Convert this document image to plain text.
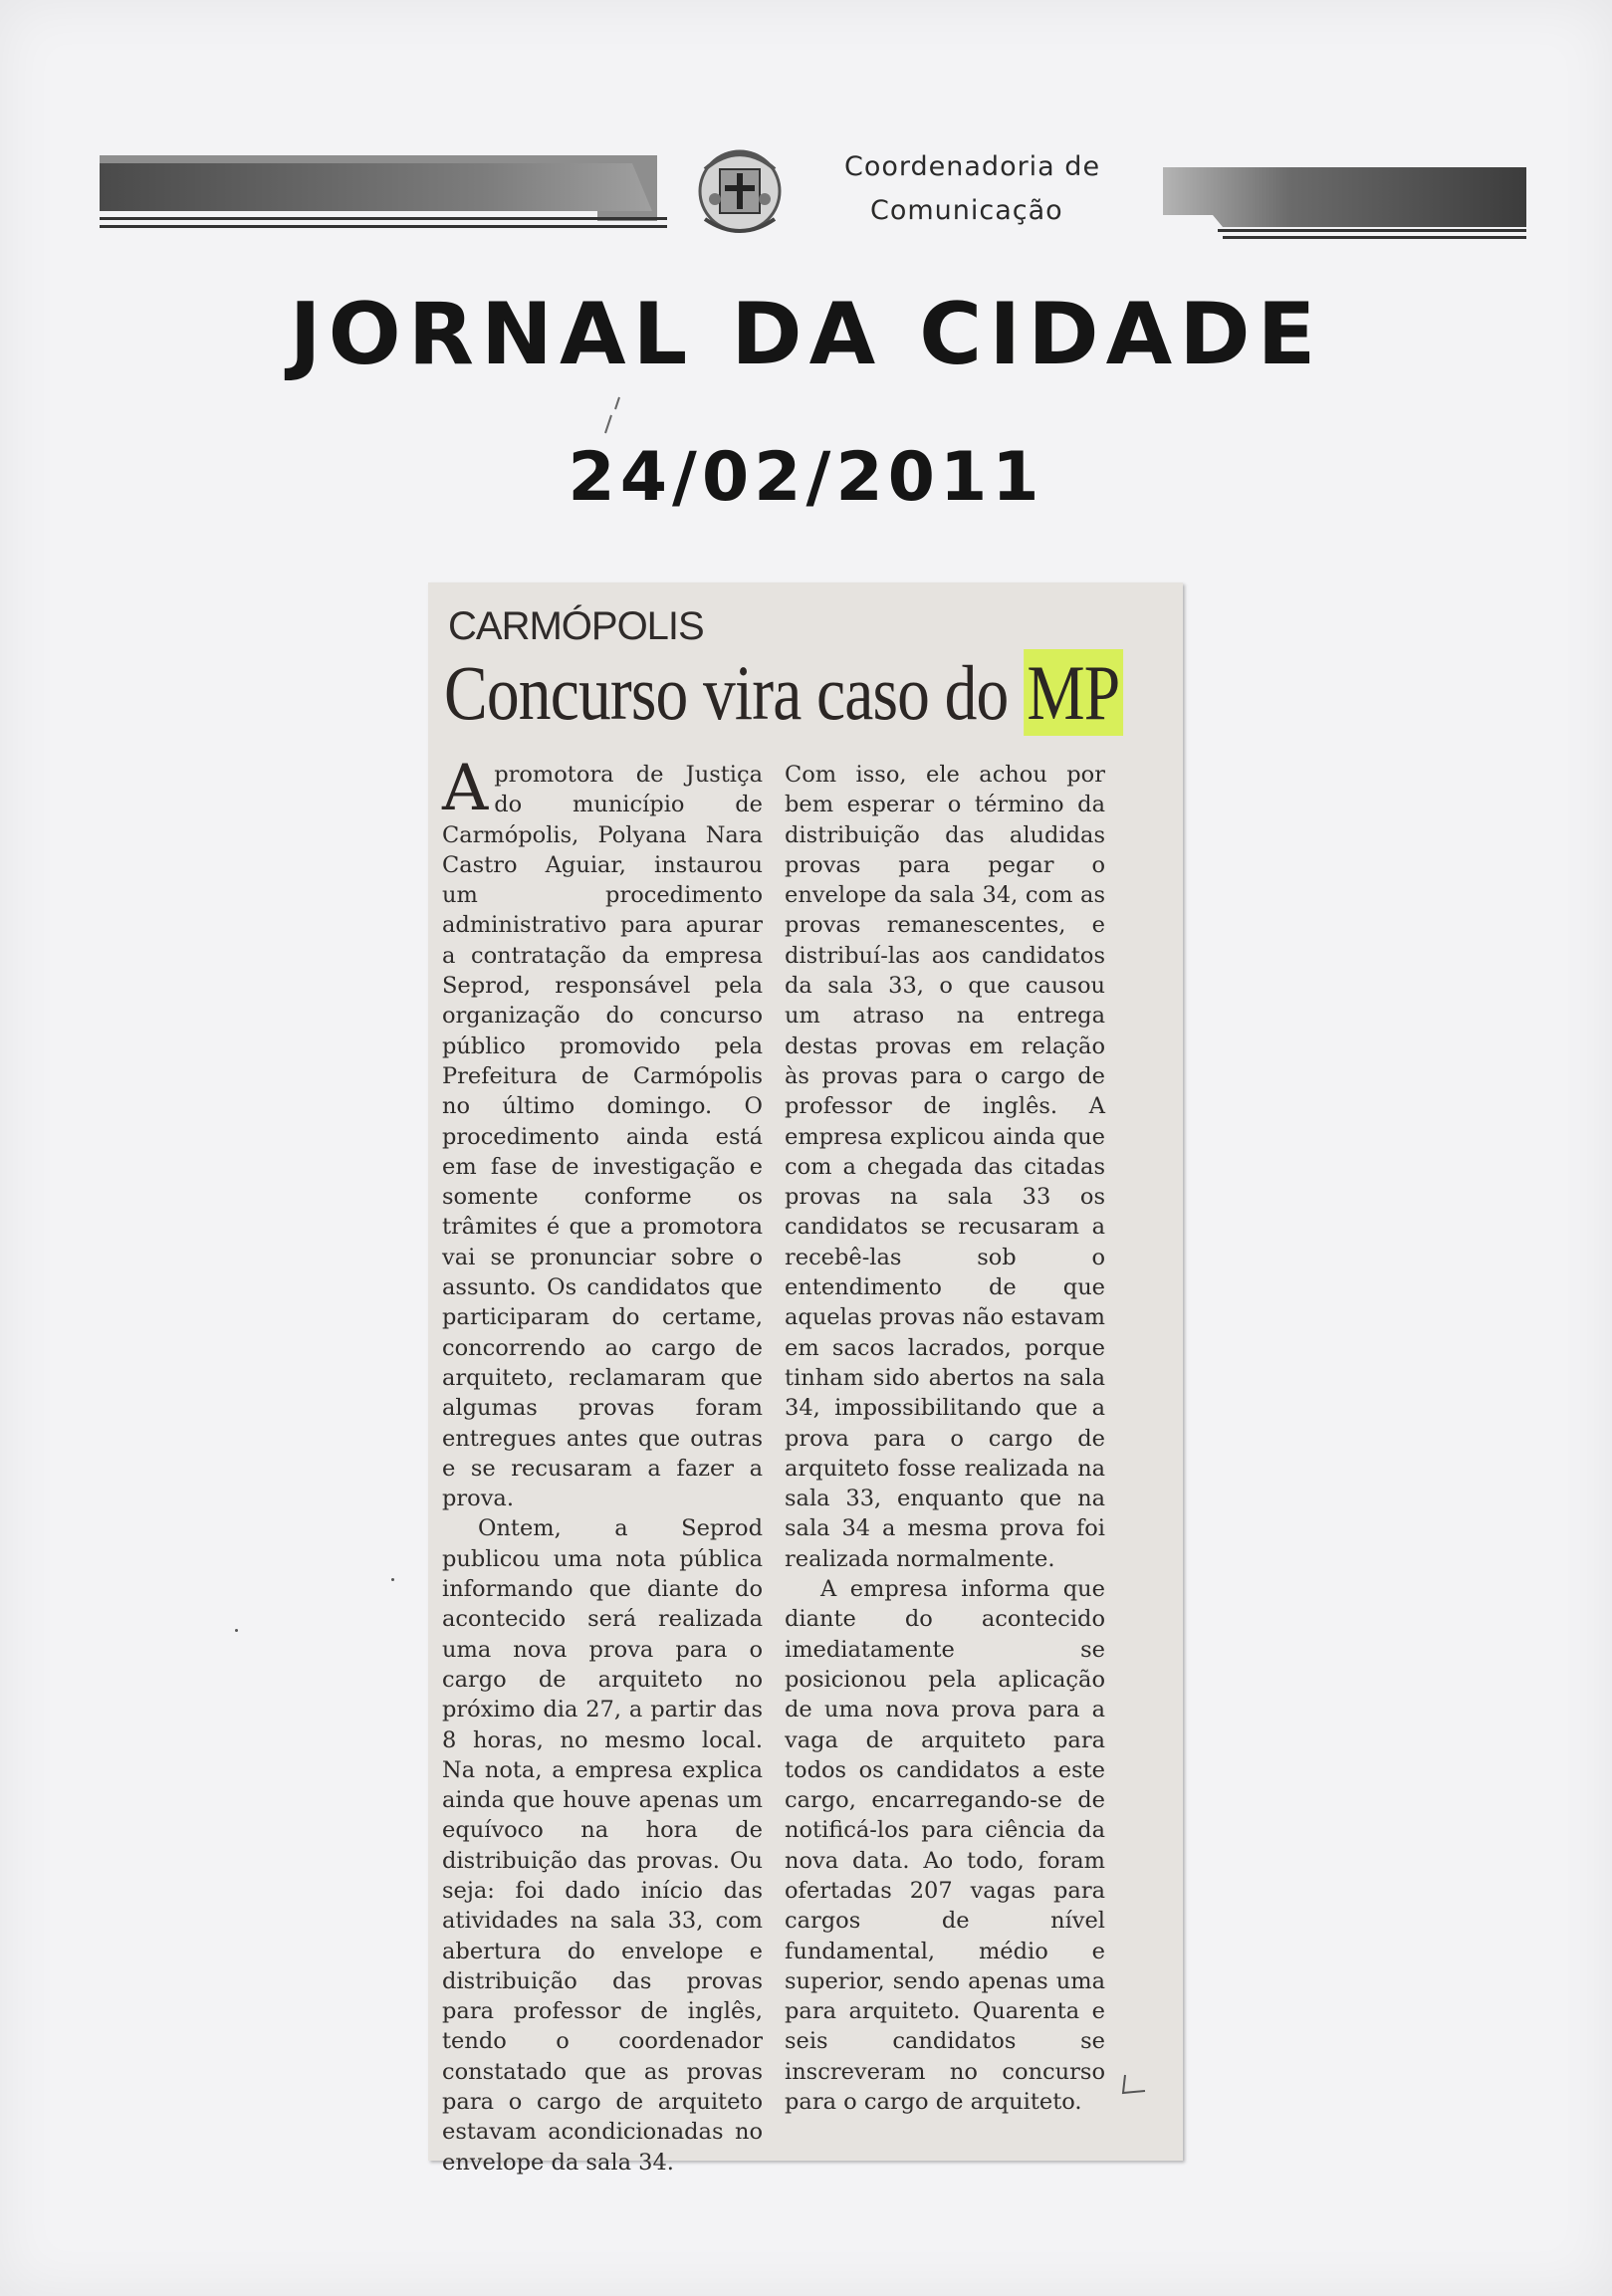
Coordenadoria de
Comunicação
JORNAL DA CIDADE
24/02/2011
CARMÓPOLIS
Concurso vira caso do MP

Apromotora de Justiça do município de Carmópolis, Polyana Nara Castro Aguiar, instaurou um procedimento administrativo para apurar a contratação da empresa Seprod, responsável pela organização do concurso público promovido pela Prefeitura de Carmópolis no último domingo. O procedimento ainda está em fase de investigação e somente conforme os trâmites é que a promotora vai se pronunciar sobre o assunto. Os candidatos que participaram do certame, concorrendo ao cargo de arquiteto, reclamaram que algumas provas foram entregues antes que outras e se recusaram a fazer a prova.

Ontem, a Seprod publicou uma nota pública informando que diante do acontecido será realizada uma nova prova para o cargo de arquiteto no próximo dia 27, a partir das 8 horas, no mesmo local. Na nota, a empresa explica ainda que houve apenas um equívoco na hora de distribuição das provas. Ou seja: foi dado início das atividades na sala 33, com abertura do envelope e distribuição das provas para professor de inglês, tendo o coordenador constatado que as provas para o cargo de arquiteto estavam acondicionadas no envelope da sala 34.

Com isso, ele achou por bem esperar o término da distribuição das aludidas provas para pegar o envelope da sala 34, com as provas remanescentes, e distribuí-las aos candidatos da sala 33, o que causou um atraso na entrega destas provas em relação às provas para o cargo de professor de inglês. A empresa explicou ainda que com a chegada das citadas provas na sala 33 os candidatos se recusaram a recebê-las sob o entendimento de que aquelas provas não estavam em sacos lacrados, porque tinham sido abertos na sala 34, impossibilitando que a prova para o cargo de arquiteto fosse realizada na sala 33, enquanto que na sala 34 a mesma prova foi realizada normalmente.

A empresa informa que diante do acontecido imediatamente se posicionou pela aplicação de uma nova prova para a vaga de arquiteto para todos os candidatos a este cargo, encarregando-se de notificá-los para ciência da nova data. Ao todo, foram ofertadas 207 vagas para cargos de nível fundamental, médio e superior, sendo apenas uma para arquiteto. Quarenta e seis candidatos se inscreveram no concurso para o cargo de arquiteto.
